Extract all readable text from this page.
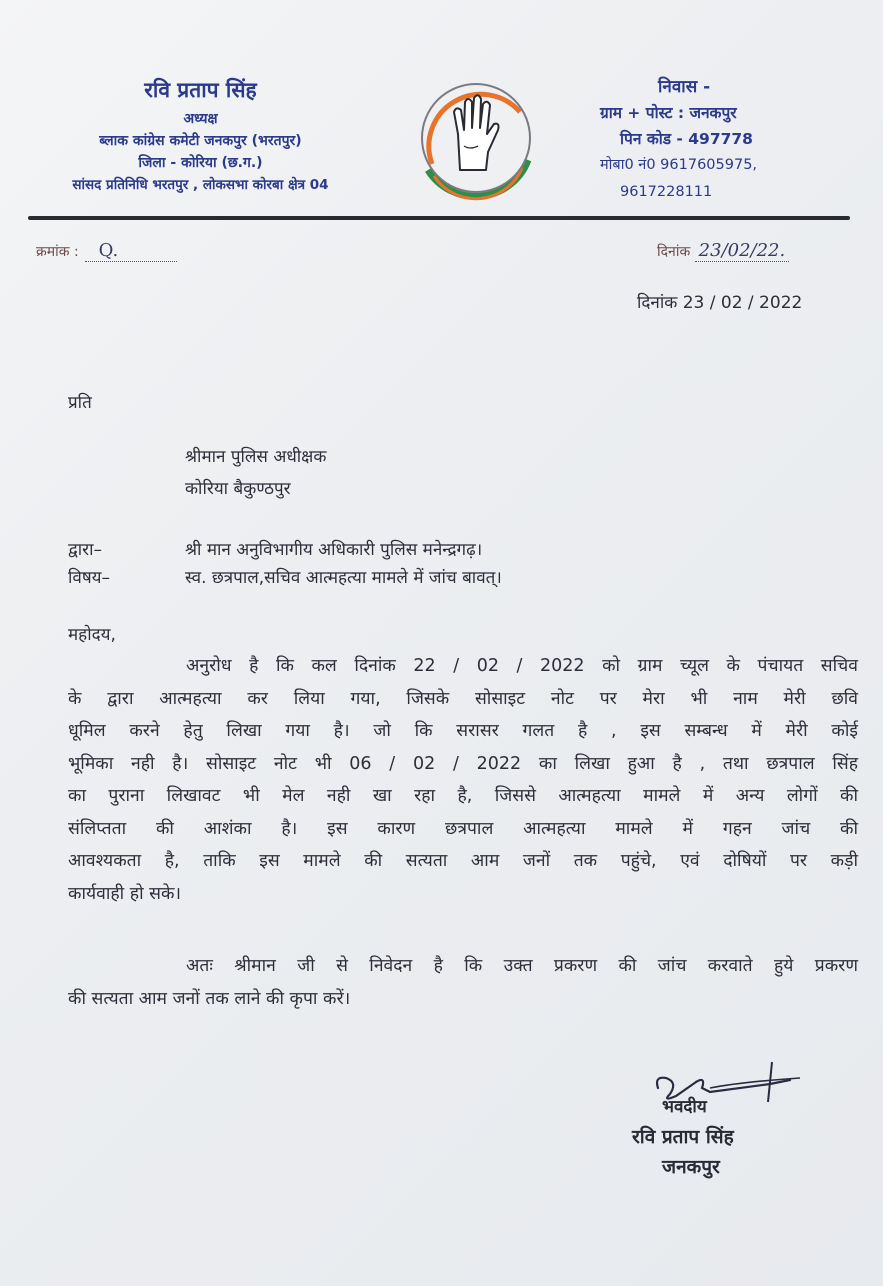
रवि प्रताप सिंह
अध्यक्ष
ब्लाक कांग्रेस कमेटी जनकपुर (भरतपुर)
जिला - कोरिया (छ.ग.)
सांसद प्रतिनिधि भरतपुर , लोकसभा कोरबा क्षेत्र 04
निवास -
ग्राम + पोस्ट : जनकपुर
पिन कोड - 497778
मोबा0 नं0 9617605975,
9617228111
क्रमांक : Q.	दिनांक 23/02/22.
दिनांक 23 / 02 / 2022
प्रति
श्रीमान पुलिस अधीक्षक
कोरिया बैकुण्ठपुर
द्वारा–	श्री मान अनुविभागीय अधिकारी पुलिस मनेन्द्रगढ़।
विषय–	स्व. छत्रपाल,सचिव आत्महत्या मामले में जांच बावत्।
महोदय,
अनुरोध है कि कल दिनांक 22 / 02 / 2022 को ग्राम च्यूल के पंचायत सचिव
के द्वारा आत्महत्या कर लिया गया, जिसके सोसाइट नोट पर मेरा भी नाम मेरी छवि
धूमिल करने हेतु लिखा गया है। जो कि सरासर गलत है , इस सम्बन्ध में मेरी कोई
भूमिका नही है। सोसाइट नोट भी 06 / 02 / 2022 का लिखा हुआ है , तथा छत्रपाल सिंह
का पुराना लिखावट भी मेल नही खा रहा है, जिससे आत्महत्या मामले में अन्य लोगों की
संलिप्तता की आशंका है। इस कारण छत्रपाल आत्महत्या मामले में गहन जांच की
आवश्यकता है, ताकि इस मामले की सत्यता आम जनों तक पहुंचे, एवं दोषियों पर कड़ी
कार्यवाही हो सके।
अतः श्रीमान जी से निवेदन है कि उक्त प्रकरण की जांच करवाते हुये प्रकरण
की सत्यता आम जनों तक लाने की कृपा करें।
भवदीय
रवि प्रताप सिंह
जनकपुर
